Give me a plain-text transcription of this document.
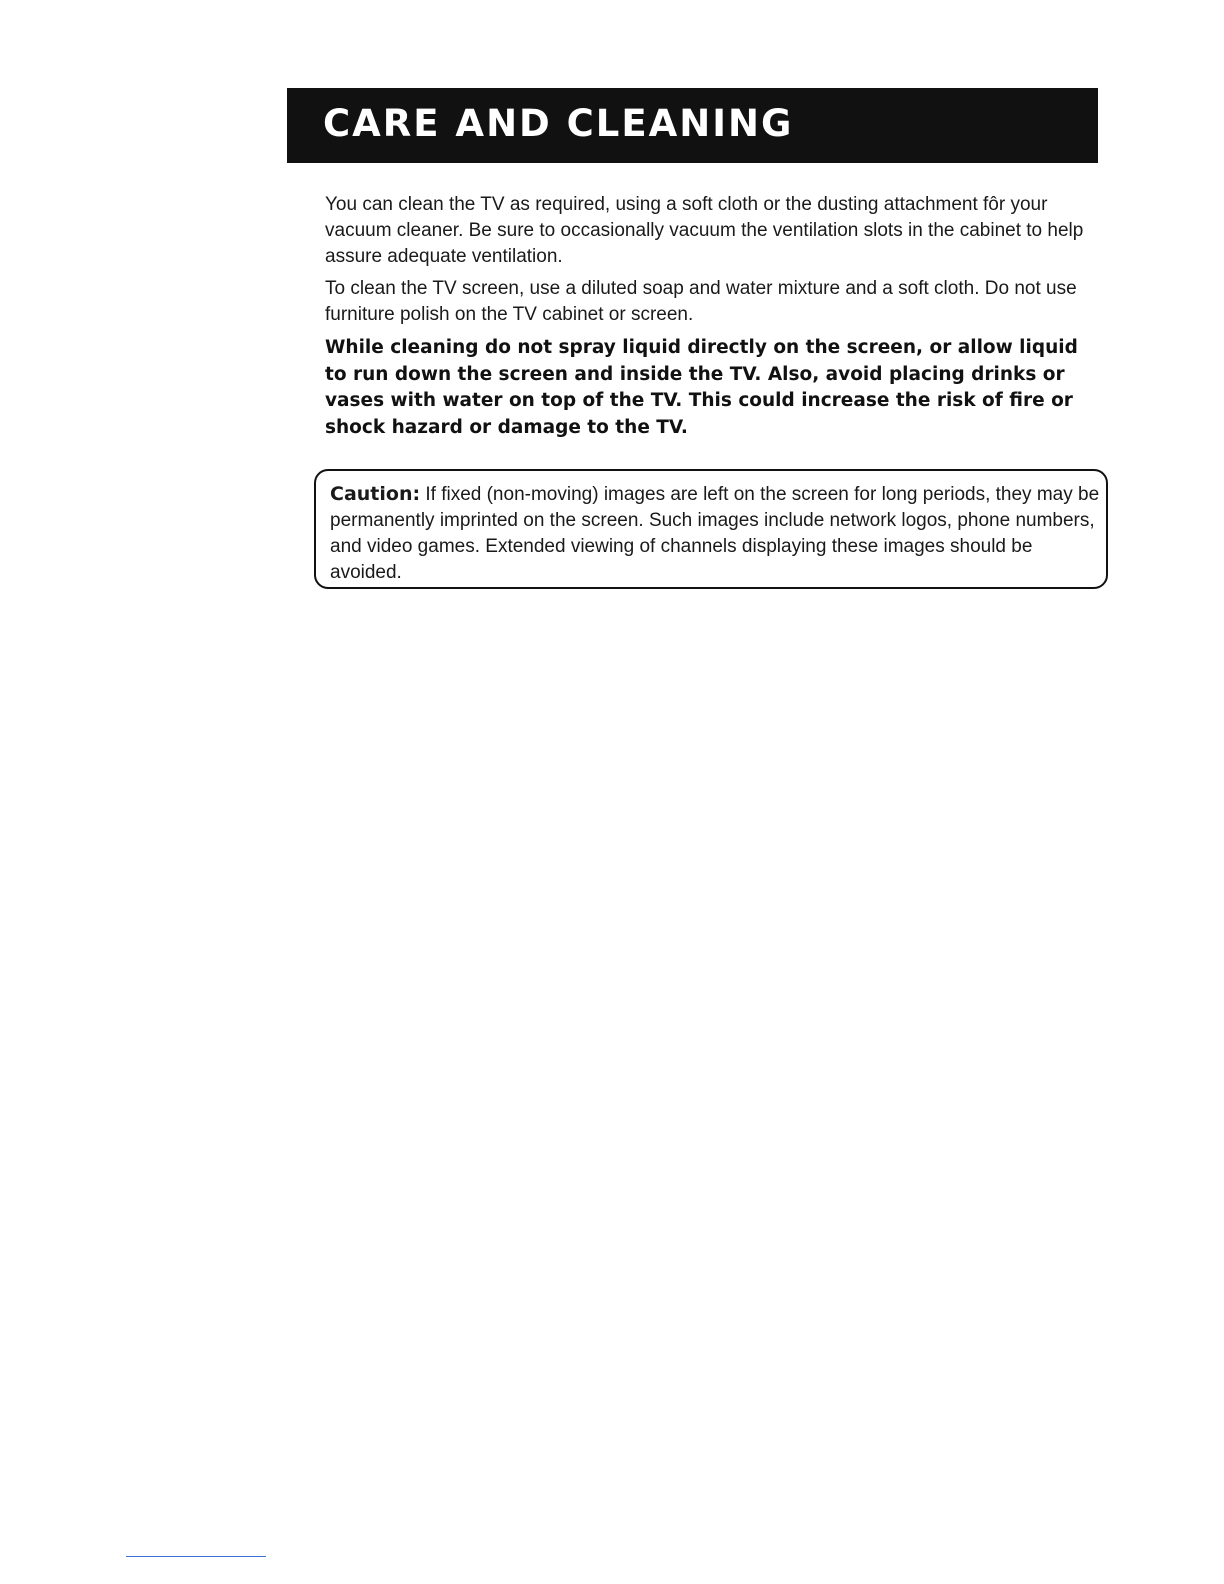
CARE AND CLEANING

You can clean the TV as required, using a soft cloth or the dusting attachment fôr your vacuum cleaner. Be sure to occasionally vacuum the ventilation slots in the cabinet to help assure adequate ventilation.

To clean the TV screen, use a diluted soap and water mixture and a soft cloth. Do not use furniture polish on the TV cabinet or screen.

While cleaning do not spray liquid directly on the screen, or allow liquid to run down the screen and inside the TV. Also, avoid placing drinks or vases with water on top of the TV. This could increase the risk of fire or shock hazard or damage to the TV.

Caution: If fixed (non-moving) images are left on the screen for long periods, they may be permanently imprinted on the screen. Such images include network logos, phone numbers, and video games. Extended viewing of channels displaying these images should be avoided.
